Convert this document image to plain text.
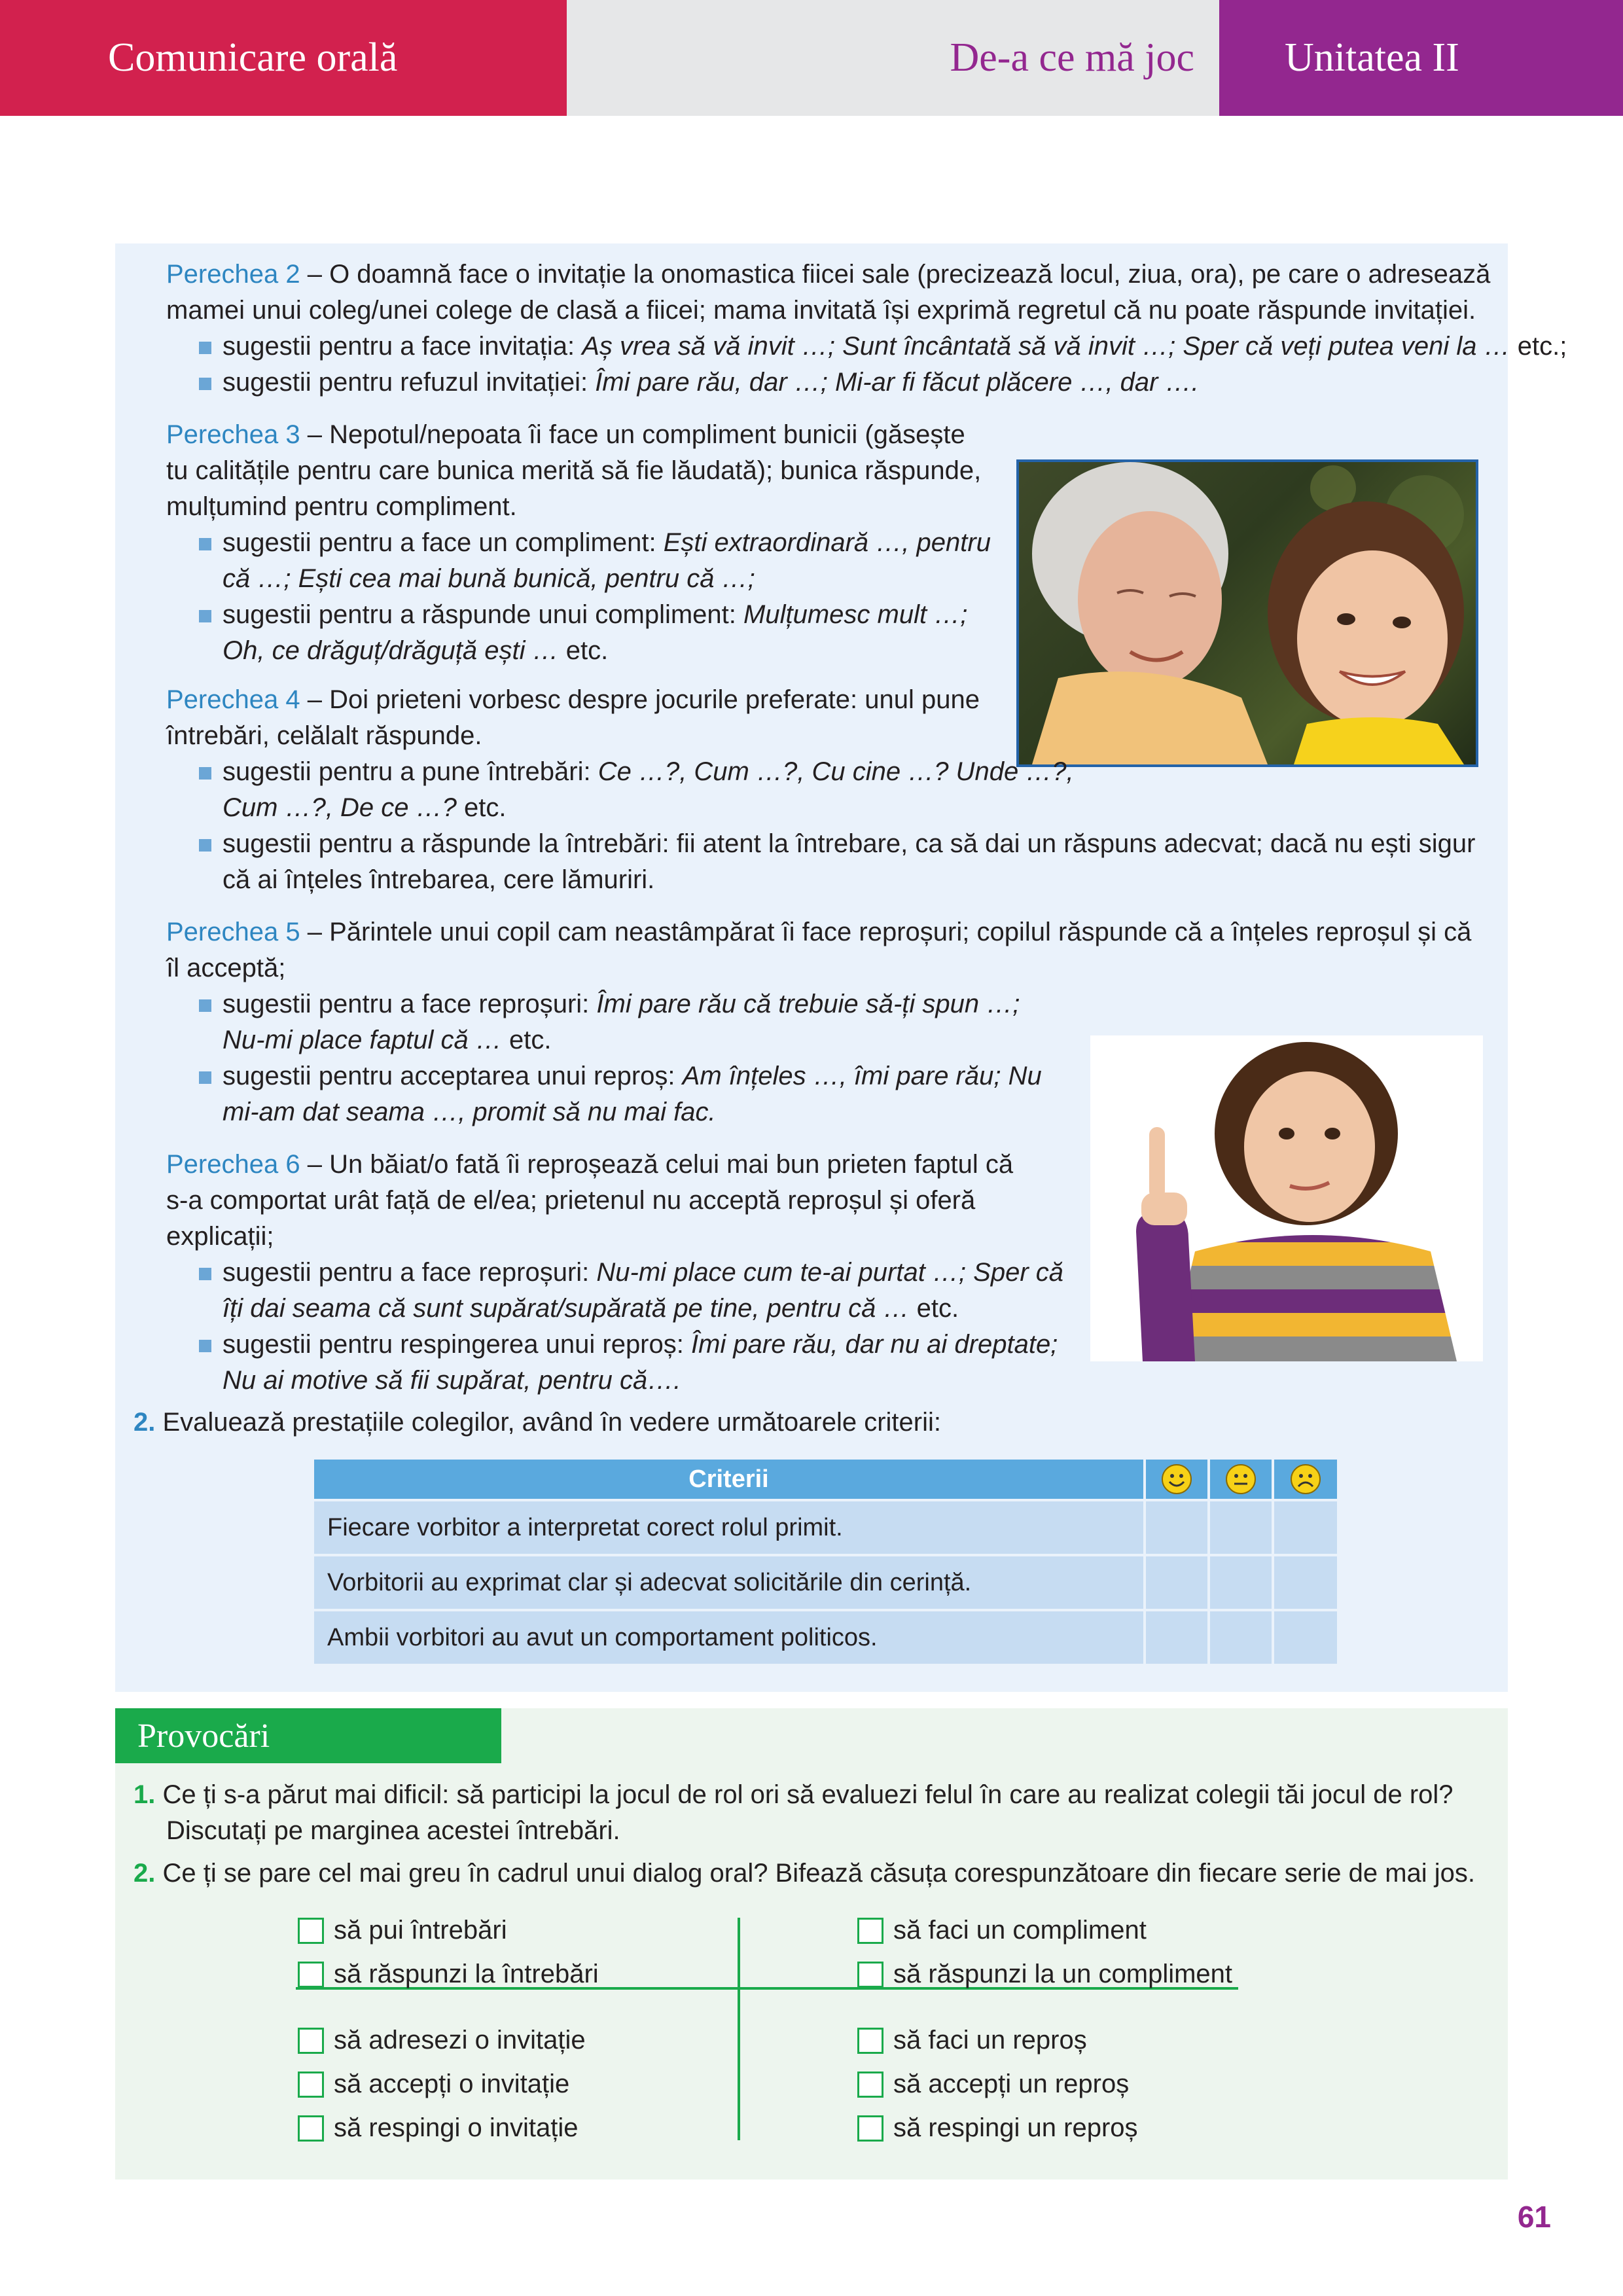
Comunicare orală	De-a ce mă joc Unitatea II
Perechea 2 – O doamnă face o invitație la onomastica fiicei sale (precizează locul, ziua, ora), pe care o adresează
mamei unui coleg/unei colege de clasă a fiicei; mama invitată își exprimă regretul că nu poate răspunde invitației.
sugestii pentru a face invitația: Aș vrea să vă invit …; Sunt încântată să vă invit …; Sper că veți putea veni la … etc.;
sugestii pentru refuzul invitației: Îmi pare rău, dar …; Mi-ar fi făcut plăcere …, dar ….
Perechea 3 – Nepotul/nepoata îi face un compliment bunicii (găsește
tu calitățile pentru care bunica merită să fie lăudată); bunica răspunde,
mulțumind pentru compliment.
sugestii pentru a face un compliment: Ești extraordinară …, pentru
că …; Ești cea mai bună bunică, pentru că …;
sugestii pentru a răspunde unui compliment: Mulțumesc mult …;
Oh, ce drăguț/drăguță ești … etc.
Perechea 4 – Doi prieteni vorbesc despre jocurile preferate: unul pune
întrebări, celălalt răspunde.
sugestii pentru a pune întrebări: Ce …?, Cum …?, Cu cine …? Unde …?,
Cum …?, De ce …? etc.
sugestii pentru a răspunde la întrebări: fii atent la întrebare, ca să dai un răspuns adecvat; dacă nu ești sigur
că ai înțeles întrebarea, cere lămuriri.
Perechea 5 – Părintele unui copil cam neastâmpărat îi face reproșuri; copilul răspunde că a înțeles reproșul și că
îl acceptă;
sugestii pentru a face reproșuri: Îmi pare rău că trebuie să-ți spun …;
Nu-mi place faptul că … etc.
sugestii pentru acceptarea unui reproș: Am înțeles …, îmi pare rău; Nu
mi-am dat seama …, promit să nu mai fac.
Perechea 6 – Un băiat/o fată îi reproșează celui mai bun prieten faptul că
s-a comportat urât față de el/ea; prietenul nu acceptă reproșul și oferă
explicații;
sugestii pentru a face reproșuri: Nu-mi place cum te-ai purtat …; Sper că
îți dai seama că sunt supărat/supărată pe tine, pentru că … etc.
sugestii pentru respingerea unui reproș: Îmi pare rău, dar nu ai dreptate;
Nu ai motive să fii supărat, pentru că….
2. Evaluează prestațiile colegilor, având în vedere următoarele criterii:
Criterii
Fiecare vorbitor a interpretat corect rolul primit.
Vorbitorii au exprimat clar și adecvat solicitările din cerință.
Ambii vorbitori au avut un comportament politicos.
Provocări
1. Ce ți s-a părut mai dificil: să participi la jocul de rol ori să evaluezi felul în care au realizat colegii tăi jocul de rol?
Discutați pe marginea acestei întrebări.
2. Ce ți se pare cel mai greu în cadrul unui dialog oral? Bifează căsuța corespunzătoare din fiecare serie de mai jos.
să pui întrebări
să răspunzi la întrebări
să faci un compliment
să răspunzi la un compliment
să adresezi o invitație
să accepți o invitație
să respingi o invitație
să faci un reproș
să accepți un reproș
să respingi un reproș
61
